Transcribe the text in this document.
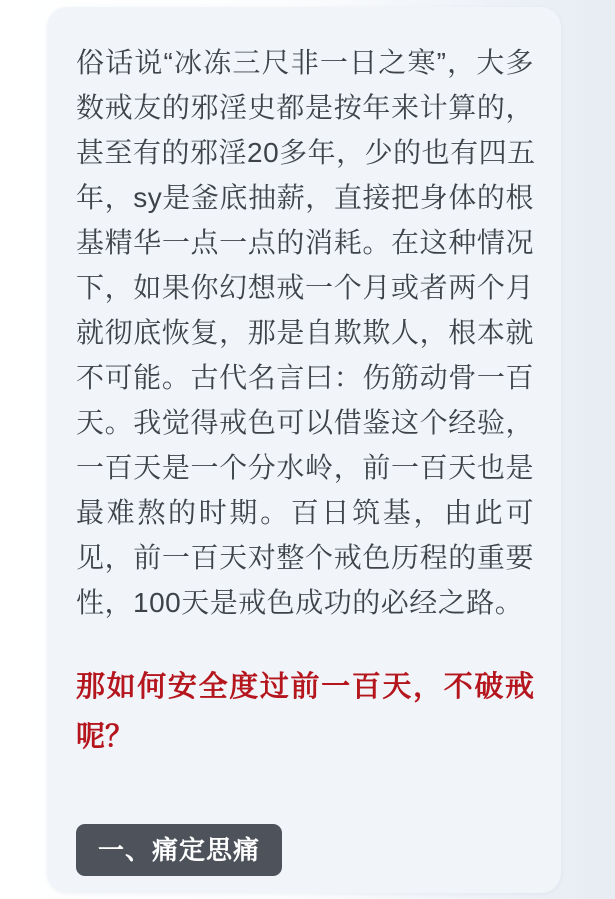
俗话说“冰冻三尺非一日之寒”，大多
数戒友的邪淫史都是按年来计算的，
甚至有的邪淫20多年，少的也有四五
年，sy是釜底抽薪，直接把身体的根
基精华一点一点的消耗。在这种情况
下，如果你幻想戒一个月或者两个月
就彻底恢复，那是自欺欺人，根本就
不可能。古代名言曰：伤筋动骨一百
天。我觉得戒色可以借鉴这个经验，
一百天是一个分水岭，前一百天也是
最难熬的时期。百日筑基，由此可
见，前一百天对整个戒色历程的重要
性，100天是戒色成功的必经之路。
那如何安全度过前一百天，不破戒
呢？
一、痛定思痛
